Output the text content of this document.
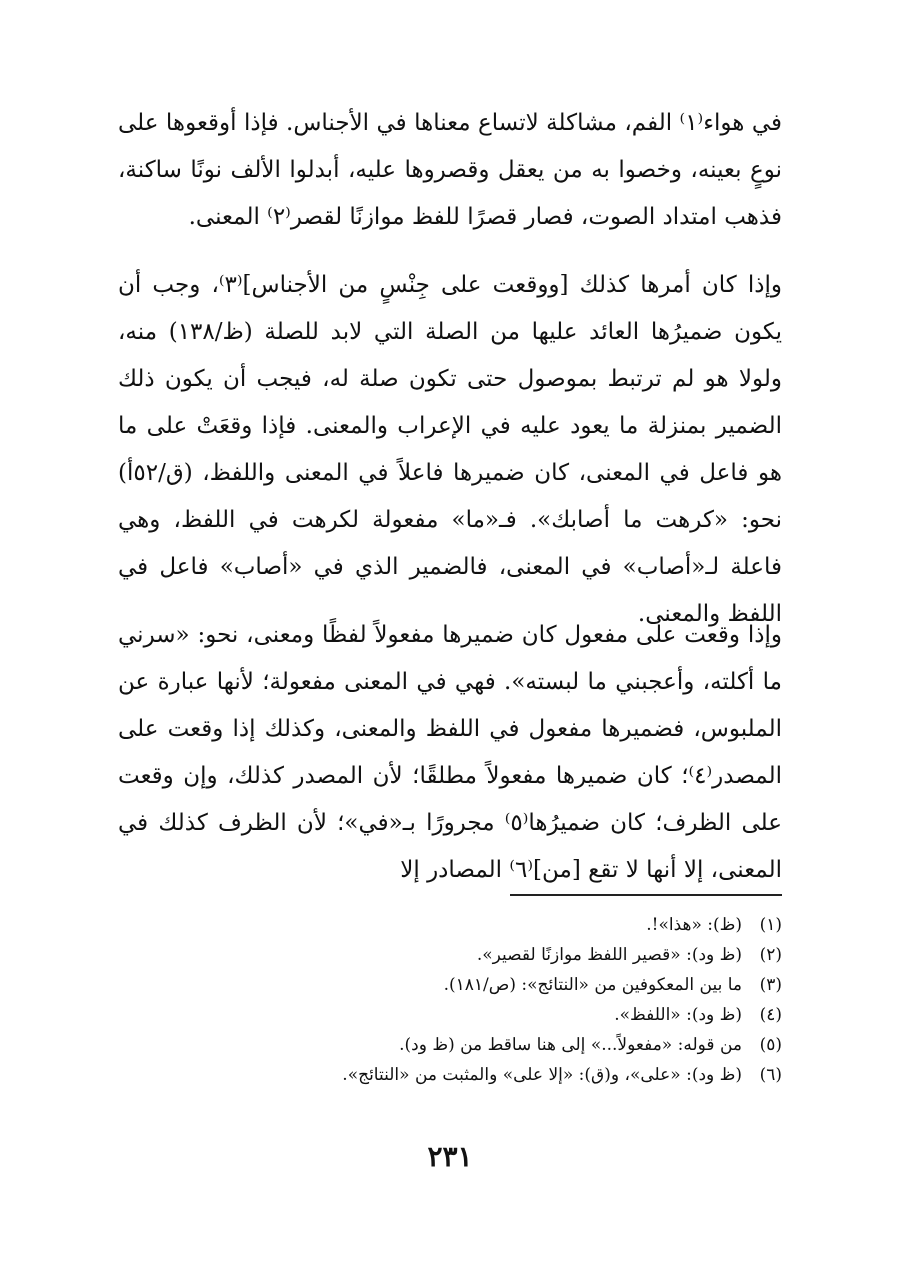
في هواء⁽١⁾ الفم، مشاكلة لاتساع معناها في الأجناس. فإذا أوقعوها على نوعٍ بعينه، وخصوا به من يعقل وقصروها عليه، أبدلوا الألف نونًا ساكنة، فذهب امتداد الصوت، فصار قصرًا للفظ موازنًا لقصر⁽٢⁾ المعنى.

وإذا كان أمرها كذلك [ووقعت على جِنْسٍ من الأجناس]⁽٣⁾، وجب أن يكون ضميرُها العائد عليها من الصلة التي لابد للصلة (ظ/١٣٨) منه، ولولا هو لم ترتبط بموصول حتى تكون صلة له، فيجب أن يكون ذلك الضمير بمنزلة ما يعود عليه في الإعراب والمعنى. فإذا وقعَتْ على ما هو فاعل في المعنى، كان ضميرها فاعلاً في المعنى واللفظ، (ق/٥٢أ) نحو: «كرهت ما أصابك». فـ«ما» مفعولة لكرهت في اللفظ، وهي فاعلة لـ«أصاب» في المعنى، فالضمير الذي في «أصاب» فاعل في اللفظ والمعنى.

وإذا وقعت على مفعول كان ضميرها مفعولاً لفظًا ومعنى، نحو: «سرني ما أكلته، وأعجبني ما لبسته». فهي في المعنى مفعولة؛ لأنها عبارة عن الملبوس، فضميرها مفعول في اللفظ والمعنى، وكذلك إذا وقعت على المصدر⁽٤⁾؛ كان ضميرها مفعولاً مطلقًا؛ لأن المصدر كذلك، وإن وقعت على الظرف؛ كان ضميرُها⁽٥⁾ مجرورًا بـ«في»؛ لأن الظرف كذلك في المعنى، إلا أنها لا تقع [من]⁽٦⁾ المصادر إلا

(١)
(ظ): «هذا»!.
(٢)
(ظ ود): «قصير اللفظ موازنًا لقصير».
(٣)
ما بين المعكوفين من «النتائج»: (ص/١٨١).
(٤)
(ظ ود): «اللفظ».
(٥)
من قوله: «مفعولاً...» إلى هنا ساقط من (ظ ود).
(٦)
(ظ ود): «على»، و(ق): «إلا على» والمثبت من «النتائج».
٢٣١
